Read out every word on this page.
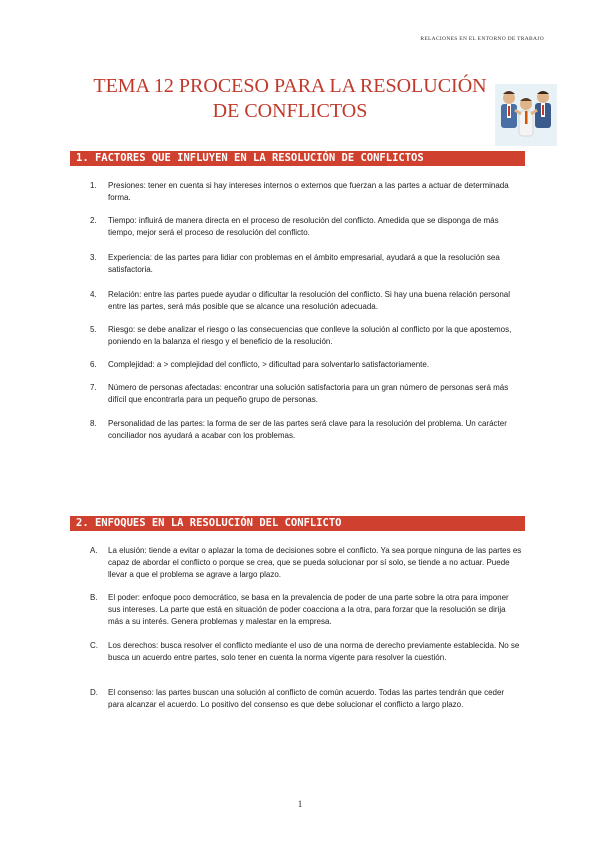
RELACIONES EN EL ENTORNO DE TRABAJO
TEMA 12 PROCESO PARA LA RESOLUCIÓN
DE CONFLICTOS
1. FACTORES QUE INFLUYEN EN LA RESOLUCIÓN DE CONFLICTOS
1. Presiones: tener en cuenta si hay intereses internos o externos que fuerzan a las partes a actuar de determinada forma.
2. Tiempo: influirá de manera directa en el proceso de resolución del conflicto. Amedida que se disponga de más tiempo, mejor será el proceso de resolución del conflicto.
3. Experiencia: de las partes para lidiar con problemas en el ámbito empresarial, ayudará a que la resolución sea satisfactoria.
4. Relación: entre las partes puede ayudar o dificultar la resolución del conflicto. Si hay una buena relación personal entre las partes, será más posible que se alcance una resolución adecuada.
5. Riesgo: se debe analizar el riesgo o las consecuencias que conlleve la solución al conflicto por la que apostemos, poniendo en la balanza el riesgo y el beneficio de la resolución.
6. Complejidad: a > complejidad del conflicto, > dificultad para solventarlo satisfactoriamente.
7. Número de personas afectadas: encontrar una solución satisfactoria para un gran número de personas será más difícil que encontrarla para un pequeño grupo de personas.
8. Personalidad de las partes: la forma de ser de las partes será clave para la resolución del problema. Un carácter conciliador nos ayudará a acabar con los problemas.
2. ENFOQUES EN LA RESOLUCIÓN DEL CONFLICTO
A. La elusión: tiende a evitar o aplazar la toma de decisiones sobre el conflicto. Ya sea porque ninguna de las partes es capaz de abordar el conflicto o porque se crea, que se pueda solucionar por sí solo, se tiende a no actuar. Puede llevar a que el problema se agrave a largo plazo.
B. El poder: enfoque poco democrático, se basa en la prevalencia de poder de una parte sobre la otra para imponer sus intereses. La parte que está en situación de poder coacciona a la otra, para forzar que la resolución se dirija más a su interés. Genera problemas y malestar en la empresa.
C. Los derechos: busca resolver el conflicto mediante el uso de una norma de derecho previamente establecida. No se busca un acuerdo entre partes, solo tener en cuenta la norma vigente para resolver la cuestión.
D. El consenso: las partes buscan una solución al conflicto de común acuerdo. Todas las partes tendrán que ceder para alcanzar el acuerdo. Lo positivo del consenso es que debe solucionar el conflicto a largo plazo.
1
